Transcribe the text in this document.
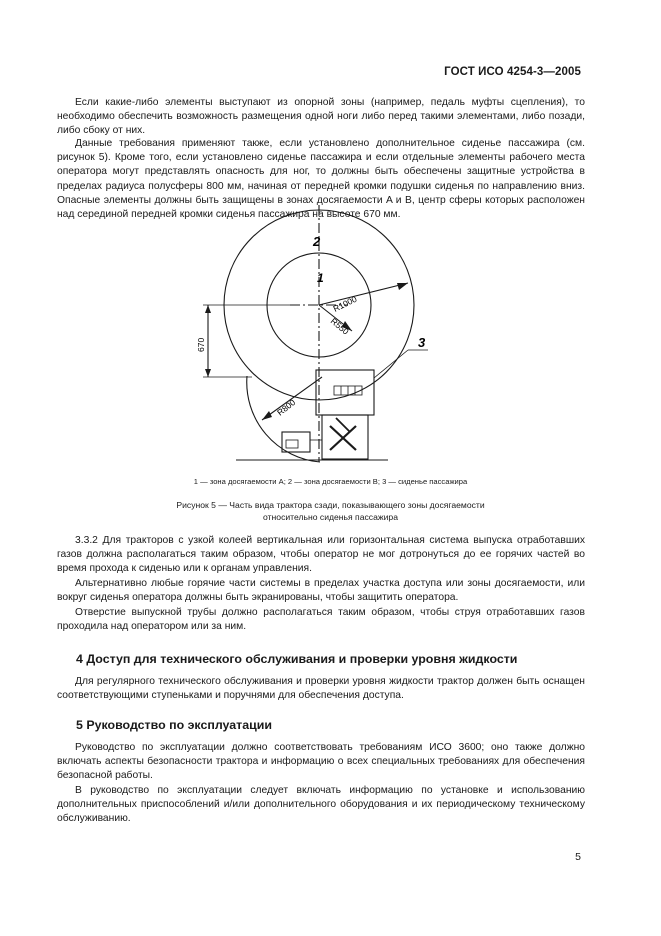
ГОСТ ИСО 4254-3—2005

Если какие-либо элементы выступают из опорной зоны (например, педаль муфты сцепления), то необходимо обеспечить возможность размещения одной ноги либо перед такими элементами, либо позади, либо сбоку от них.

Данные требования применяют также, если установлено дополнительное сиденье пассажира (см. рисунок 5). Кроме того, если установлено сиденье пассажира и если отдельные элементы рабочего места оператора могут представлять опасность для ног, то должны быть обеспечены защитные устройства в пределах радиуса полусферы 800 мм, начиная от передней кромки подушки сиденья по направлению вниз. Опасные элементы должны быть защищены в зонах досягаемости A и B, центр сферы которых расположен над серединой передней кромки сиденья пассажира на высоте 670 мм.

2
1
3
R1000
R550
R800
670
1 — зона досягаемости A; 2 — зона досягаемости B; 3 — сиденье пассажира
Рисунок 5 — Часть вида трактора сзади, показывающего зоны досягаемости
относительно сиденья пассажира

3.3.2 Для тракторов с узкой колеей вертикальная или горизонтальная система выпуска отработавших газов должна располагаться таким образом, чтобы оператор не мог дотронуться до ее горячих частей во время прохода к сиденью или к органам управления.

Альтернативно любые горячие части системы в пределах участка доступа или зоны досягаемости, или вокруг сиденья оператора должны быть экранированы, чтобы защитить оператора.

Отверстие выпускной трубы должно располагаться таким образом, чтобы струя отработавших газов проходила над оператором или за ним.

4 Доступ для технического обслуживания и проверки уровня жидкости

Для регулярного технического обслуживания и проверки уровня жидкости трактор должен быть оснащен соответствующими ступеньками и поручнями для обеспечения доступа.

5 Руководство по эксплуатации

Руководство по эксплуатации должно соответствовать требованиям ИСО 3600; оно также должно включать аспекты безопасности трактора и информацию о всех специальных требованиях для обеспечения безопасной работы.

В руководство по эксплуатации следует включать информацию по установке и использованию дополнительных приспособлений и/или дополнительного оборудования и их периодическому техническому обслуживанию.

5
